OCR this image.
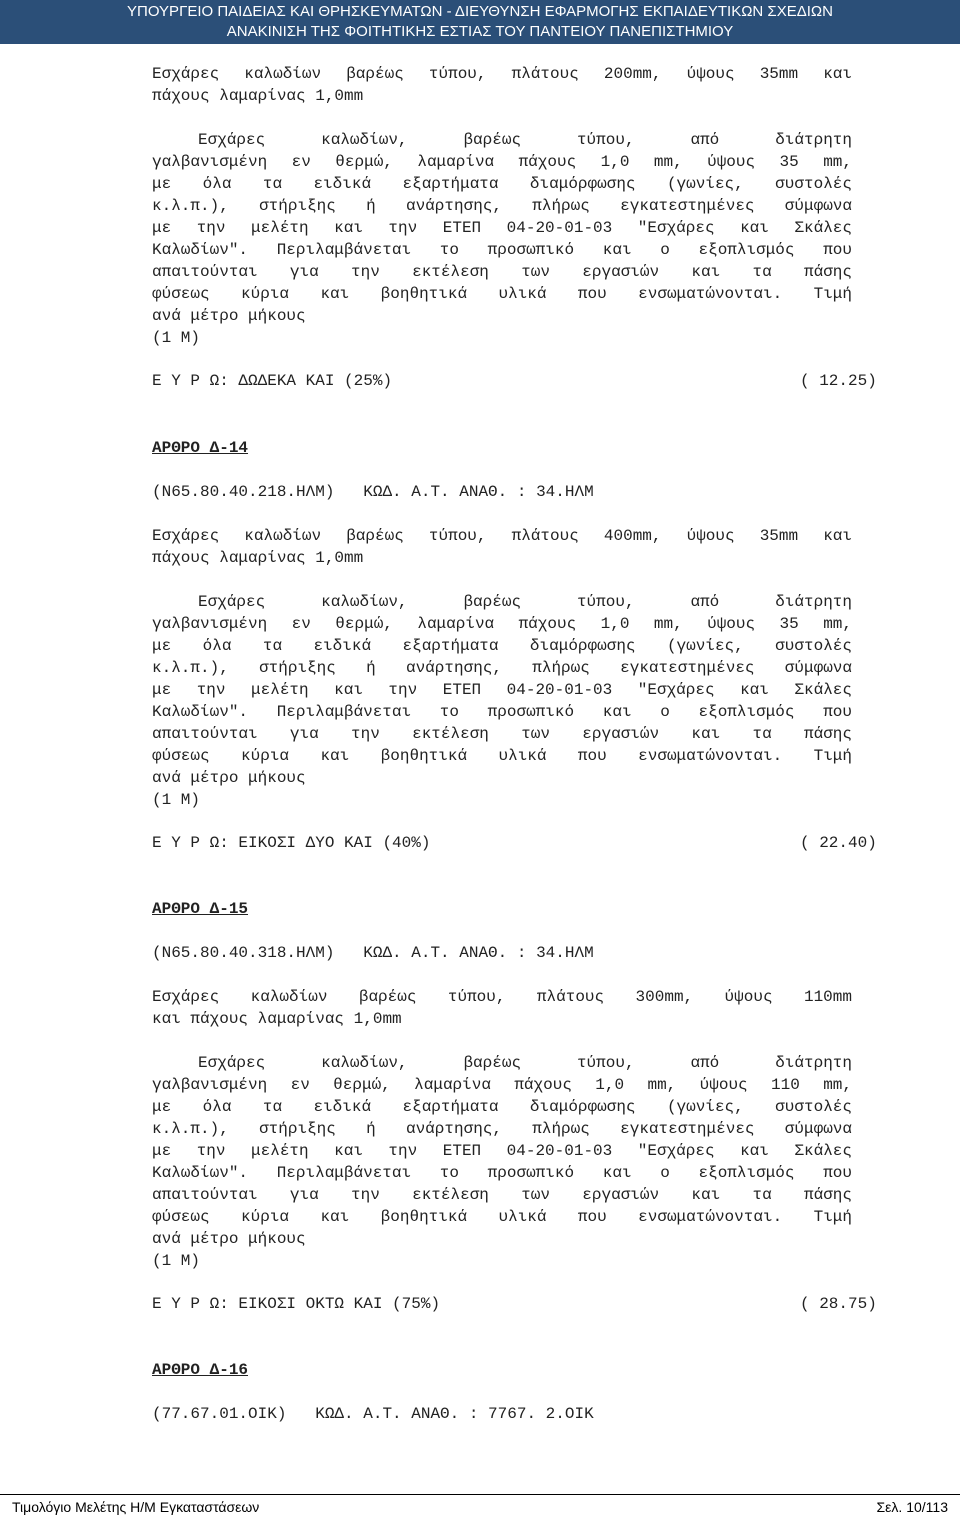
ΥΠΟΥΡΓΕΙΟ ΠΑΙΔΕΙΑΣ ΚΑΙ ΘΡΗΣΚΕΥΜΑΤΩΝ - ΔΙΕΥΘΥΝΣΗ ΕΦΑΡΜΟΓΗΣ ΕΚΠΑΙΔΕΥΤΙΚΩΝ ΣΧΕΔΙΩΝ
ΑΝΑΚΙΝΙΣΗ ΤΗΣ ΦΟΙΤΗΤΙΚΗΣ ΕΣΤΙΑΣ ΤΟΥ ΠΑΝΤΕΙΟΥ ΠΑΝΕΠΙΣΤΗΜΙΟΥ
Εσχάρες καλωδίων βαρέως τύπου, πλάτους 200mm, ύψους 35mm και
πάχους λαμαρίνας 1,0mm
Εσχάρες καλωδίων, βαρέως τύπου, από διάτρητη
γαλβανισμένη εν θερμώ, λαμαρίνα πάχους 1,0 mm, ύψους 35 mm,
με όλα τα ειδικά εξαρτήματα διαμόρφωσης (γωνίες, συστολές
κ.λ.π.), στήριξης ή ανάρτησης, πλήρως εγκατεστημένες σύμφωνα
με την μελέτη και την ΕΤΕΠ 04-20-01-03 "Εσχάρες και Σκάλες
Καλωδίων". Περιλαμβάνεται το προσωπικό και ο εξοπλισμός που
απαιτούνται για την εκτέλεση των εργασιών και τα πάσης
φύσεως κύρια και βοηθητικά υλικά που ενσωματώνονται. Τιμή
ανά μέτρο μήκους
(1 M)
Ε Υ Ρ Ω: ΔΩΔΕΚΑ ΚΑΙ (25%)	( 12.25)
ΑΡΘΡΟ Δ-14
(N65.80.40.218.ΗΛΜ)   ΚΩΔ. Α.Τ. ΑΝΑΘ. : 34.ΗΛΜ
Εσχάρες καλωδίων βαρέως τύπου, πλάτους 400mm, ύψους 35mm και
πάχους λαμαρίνας 1,0mm
Εσχάρες καλωδίων, βαρέως τύπου, από διάτρητη
γαλβανισμένη εν θερμώ, λαμαρίνα πάχους 1,0 mm, ύψους 35 mm,
με όλα τα ειδικά εξαρτήματα διαμόρφωσης (γωνίες, συστολές
κ.λ.π.), στήριξης ή ανάρτησης, πλήρως εγκατεστημένες σύμφωνα
με την μελέτη και την ΕΤΕΠ 04-20-01-03 "Εσχάρες και Σκάλες
Καλωδίων". Περιλαμβάνεται το προσωπικό και ο εξοπλισμός που
απαιτούνται για την εκτέλεση των εργασιών και τα πάσης
φύσεως κύρια και βοηθητικά υλικά που ενσωματώνονται. Τιμή
ανά μέτρο μήκους
(1 M)
Ε Υ Ρ Ω: ΕΙΚΟΣΙ ΔΥΟ ΚΑΙ (40%)	( 22.40)
ΑΡΘΡΟ Δ-15
(N65.80.40.318.ΗΛΜ)   ΚΩΔ. Α.Τ. ΑΝΑΘ. : 34.ΗΛΜ
Εσχάρες καλωδίων βαρέως τύπου, πλάτους 300mm, ύψους 110mm
και πάχους λαμαρίνας 1,0mm
Εσχάρες καλωδίων, βαρέως τύπου, από διάτρητη
γαλβανισμένη εν θερμώ, λαμαρίνα πάχους 1,0 mm, ύψους 110 mm,
με όλα τα ειδικά εξαρτήματα διαμόρφωσης (γωνίες, συστολές
κ.λ.π.), στήριξης ή ανάρτησης, πλήρως εγκατεστημένες σύμφωνα
με την μελέτη και την ΕΤΕΠ 04-20-01-03 "Εσχάρες και Σκάλες
Καλωδίων". Περιλαμβάνεται το προσωπικό και ο εξοπλισμός που
απαιτούνται για την εκτέλεση των εργασιών και τα πάσης
φύσεως κύρια και βοηθητικά υλικά που ενσωματώνονται. Τιμή
ανά μέτρο μήκους
(1 M)
Ε Υ Ρ Ω: ΕΙΚΟΣΙ ΟΚΤΩ ΚΑΙ (75%)	( 28.75)
ΑΡΘΡΟ Δ-16
(77.67.01.ΟΙΚ)   ΚΩΔ. Α.Τ. ΑΝΑΘ. : 7767. 2.ΟΙΚ
Τιμολόγιο Μελέτης Η/Μ Εγκαταστάσεων	Σελ. 10/113
